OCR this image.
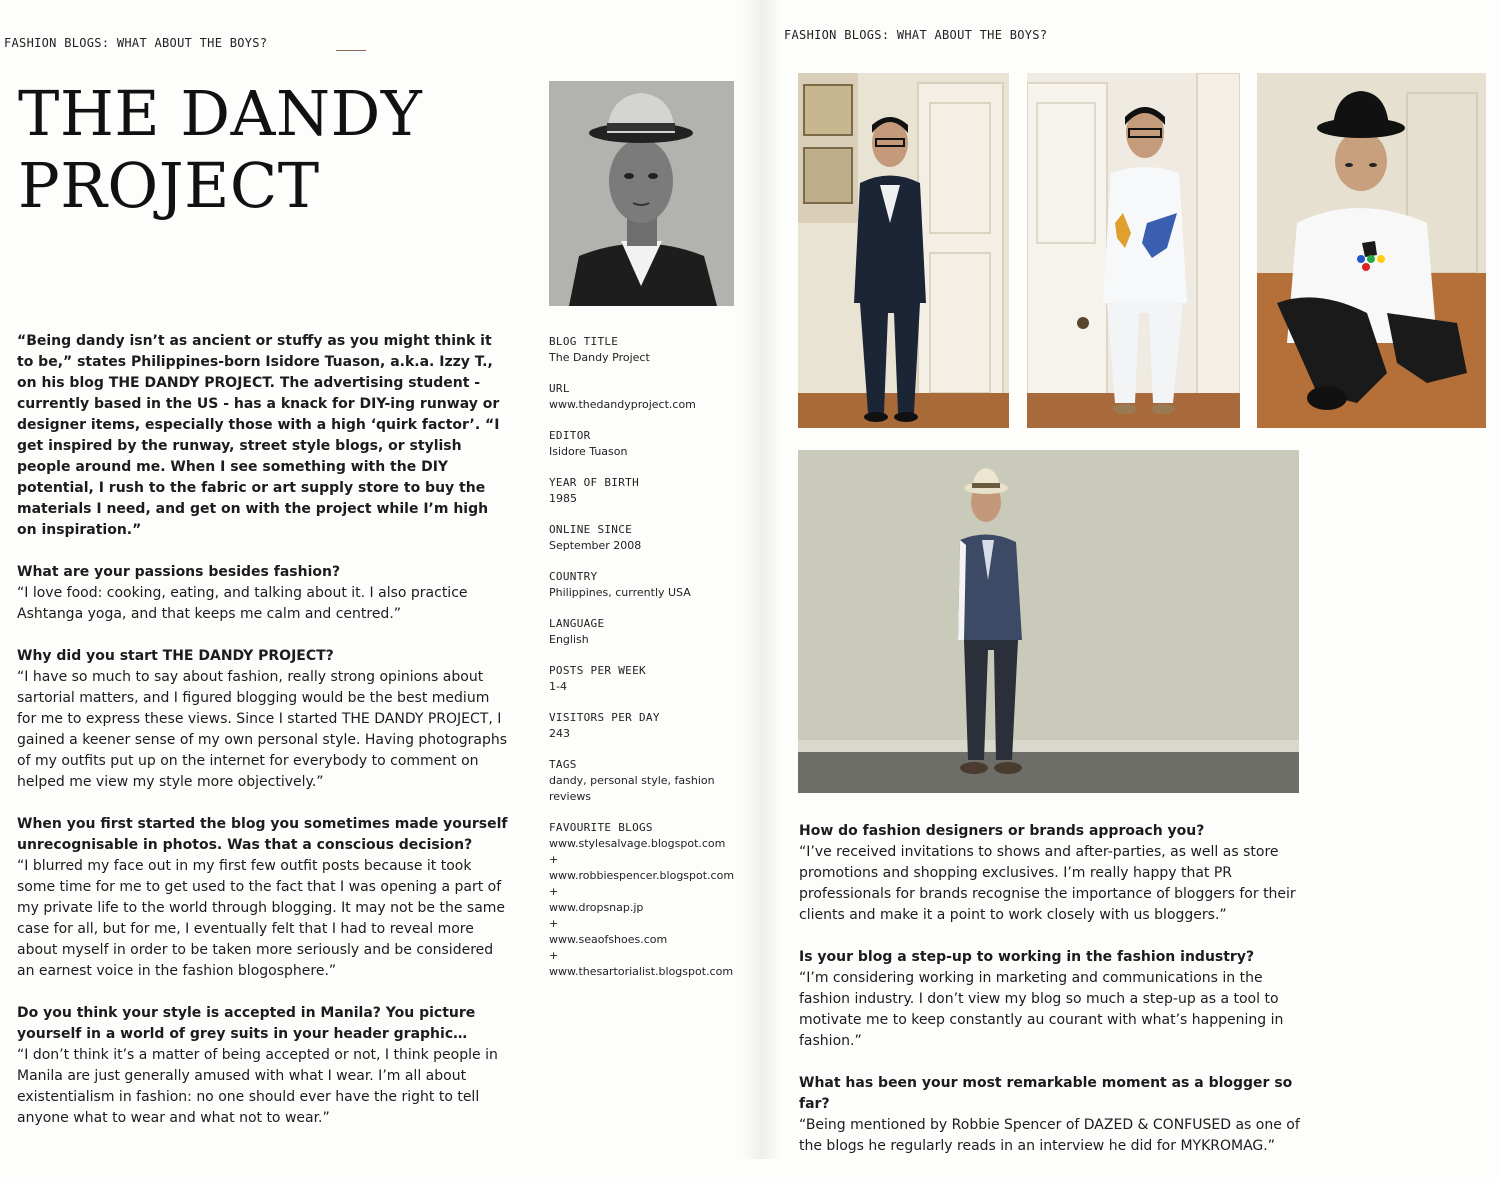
FASHION BLOGS: WHAT ABOUT THE BOYS?
THE DANDY
PROJECT

“Being dandy isn’t as ancient or stuffy as you might think it to be,” states Philippines-born Isidore Tuason, a.k.a. Izzy T., on his blog THE DANDY PROJECT. The advertising student - currently based in the US - has a knack for DIY-ing runway or designer items, especially those with a high ‘quirk factor’. “I get inspired by the runway, street style blogs, or stylish people around me. When I see something with the DIY potential, I rush to the fabric or art supply store to buy the materials I need, and get on with the project while I’m high on inspiration.”

What are your passions besides fashion?
“I love food: cooking, eating, and talking about it. I also practice Ashtanga yoga, and that keeps me calm and centred.”

Why did you start THE DANDY PROJECT?
“I have so much to say about fashion, really strong opinions about sartorial matters, and I figured blogging would be the best medium for me to express these views. Since I started THE DANDY PROJECT, I gained a keener sense of my own personal style. Having photographs of my outfits put up on the internet for everybody to comment on helped me view my style more objectively.”

When you first started the blog you sometimes made yourself unrecognisable in photos. Was that a conscious decision?
“I blurred my face out in my first few outfit posts because it took some time for me to get used to the fact that I was opening a part of my private life to the world through blogging. It may not be the same case for all, but for me, I eventually felt that I had to reveal more about myself in order to be taken more seriously and be considered an earnest voice in the fashion blogosphere.”

Do you think your style is accepted in Manila? You picture yourself in a world of grey suits in your header graphic…
“I don’t think it’s a matter of being accepted or not, I think people in Manila are just generally amused with what I wear. I’m all about existentialism in fashion: no one should ever have the right to tell anyone what to wear and what not to wear.”

BLOG TITLE
The Dandy Project
URL
www.thedandyproject.com
EDITOR
Isidore Tuason
YEAR OF BIRTH
1985
ONLINE SINCE
September 2008
COUNTRY
Philippines, currently USA
LANGUAGE
English
POSTS PER WEEK
1-4
VISITORS PER DAY
243
TAGS
dandy, personal style, fashion reviews
FAVOURITE BLOGS
www.stylesalvage.blogspot.com
+
www.robbiespencer.blogspot.com
+
www.dropsnap.jp
+
www.seaofshoes.com
+
www.thesartorialist.blogspot.com
FASHION BLOGS: WHAT ABOUT THE BOYS?

How do fashion designers or brands approach you?
“I’ve received invitations to shows and after-parties, as well as store promotions and shopping exclusives. I’m really happy that PR professionals for brands recognise the importance of bloggers for their clients and make it a point to work closely with us bloggers.”

Is your blog a step-up to working in the fashion industry?
“I’m considering working in marketing and communications in the fashion industry. I don’t view my blog so much a step-up as a tool to motivate me to keep constantly au courant with what’s happening in fashion.”

What has been your most remarkable moment as a blogger so far?
“Being mentioned by Robbie Spencer of DAZED & CONFUSED as one of the blogs he regularly reads in an interview he did for MYKROMAG.”
